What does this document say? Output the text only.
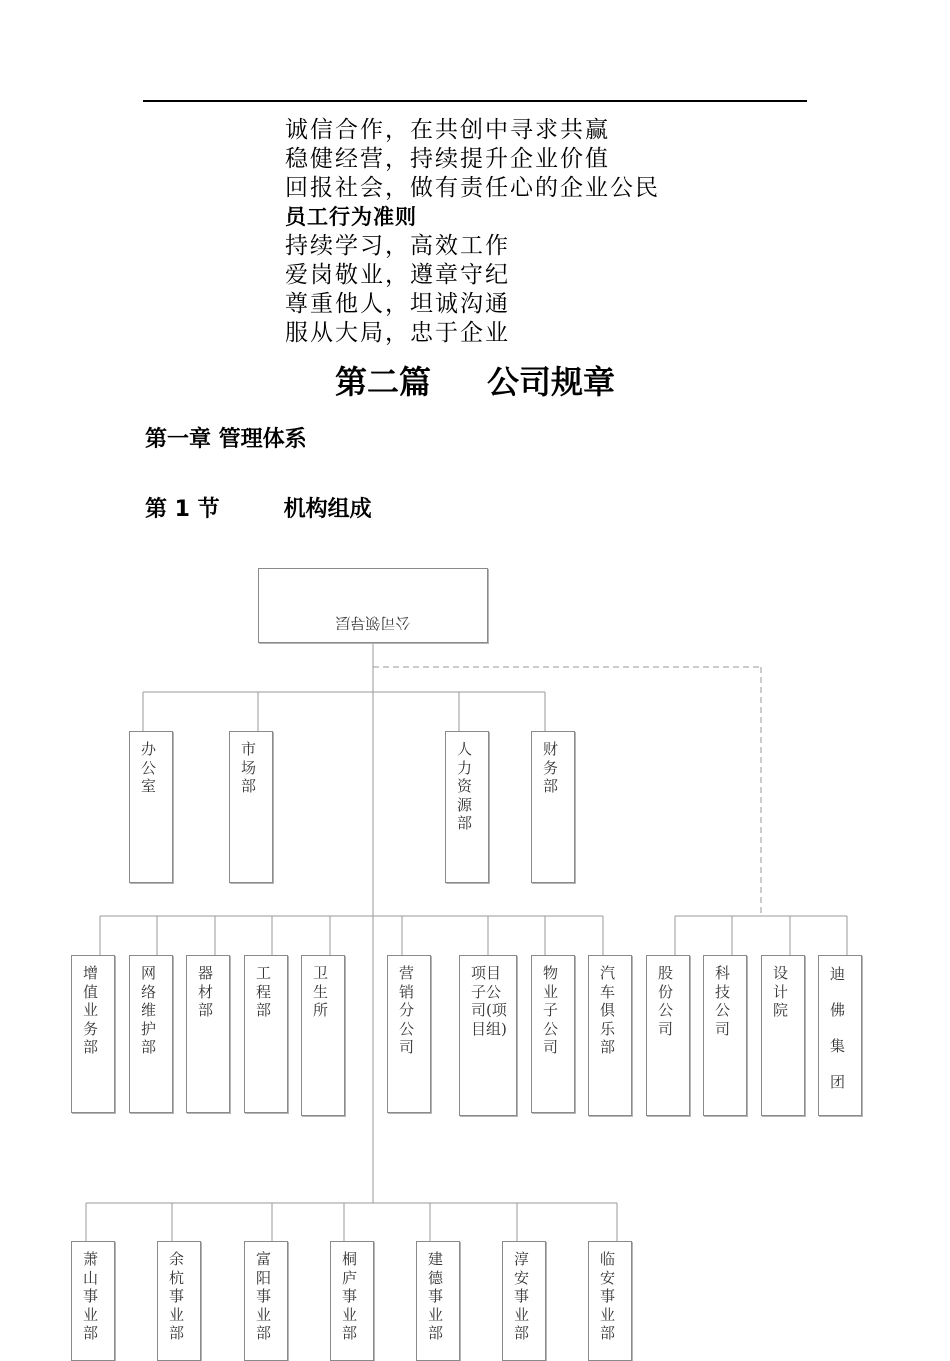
诚信合作，在共创中寻求共赢
稳健经营，持续提升企业价值
回报社会，做有责任心的企业公民
员工行为准则
持续学习，高效工作
爱岗敬业，遵章守纪
尊重他人，坦诚沟通
服从大局，忠于企业
第二篇 公司规章
第一章 管理体系
第 1 节	机构组成
公司领导层
办公室
市场部
人力资源部
财务部
增值业务部
网络维护部
器材部
工程部
卫生所
营销分公司
项目子公司(项目组)
物业子公司
汽车俱乐部
股份公司
科技公司
设计院
迪佛集团
萧山事业部
余杭事业部
富阳事业部
桐庐事业部
建德事业部
淳安事业部
临安事业部
